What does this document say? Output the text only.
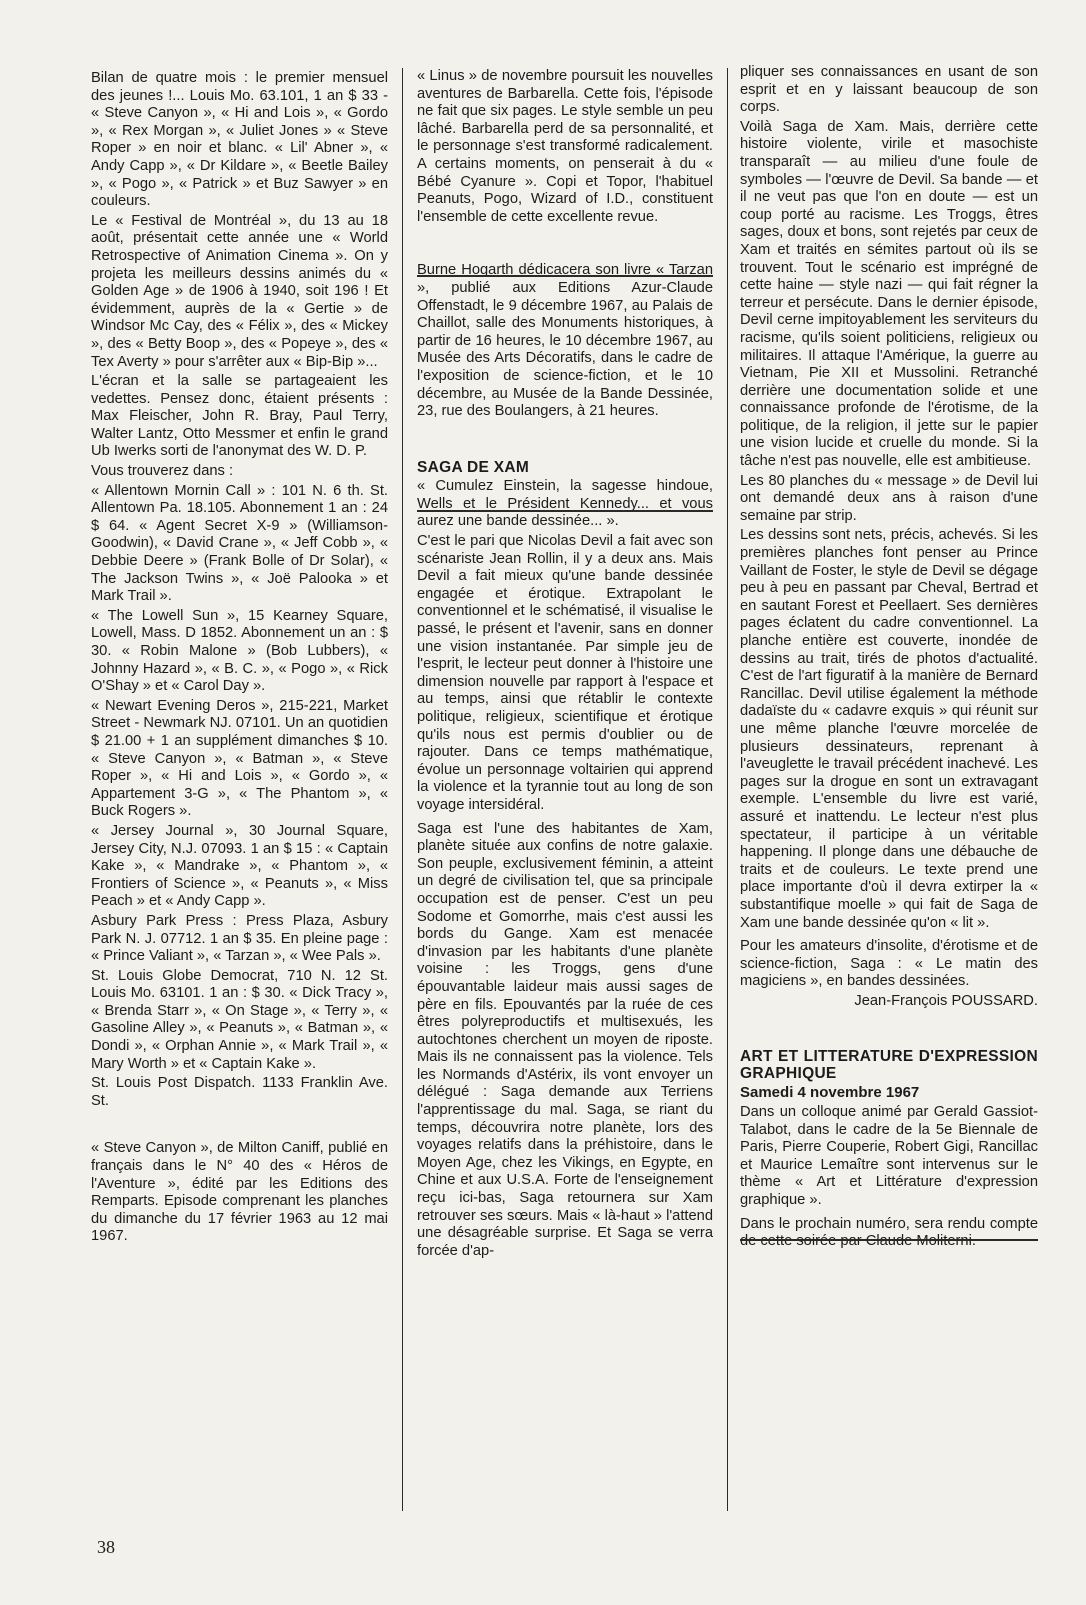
Bilan de quatre mois : le premier mensuel des jeunes !... Louis Mo. 63.101, 1 an $ 33 - « Steve Canyon », « Hi and Lois », « Gordo », « Rex Morgan », « Juliet Jones » « Steve Roper » en noir et blanc. « Lil' Abner », « Andy Capp », « Dr Kildare », « Beetle Bailey », « Pogo », « Patrick » et Buz Sawyer » en couleurs.

Le « Festival de Montréal », du 13 au 18 août, présentait cette année une « World Retrospective of Animation Cinema ». On y projeta les meilleurs dessins animés du « Golden Age » de 1906 à 1940, soit 196 ! Et évidemment, auprès de la « Gertie » de Windsor Mc Cay, des « Félix », des « Mickey », des « Betty Boop », des « Popeye », des « Tex Averty » pour s'arrêter aux « Bip-Bip »...

L'écran et la salle se partageaient les vedettes. Pensez donc, étaient présents : Max Fleischer, John R. Bray, Paul Terry, Walter Lantz, Otto Messmer et enfin le grand Ub Iwerks sorti de l'anonymat des W. D. P.

Vous trouverez dans :

« Allentown Mornin Call » : 101 N. 6 th. St. Allentown Pa. 18.105. Abonnement 1 an : 24 $ 64. « Agent Secret X-9 » (Williamson-Goodwin), « David Crane », « Jeff Cobb », « Debbie Deere » (Frank Bolle of Dr Solar), « The Jackson Twins », « Joë Palooka » et Mark Trail ».

« The Lowell Sun », 15 Kearney Square, Lowell, Mass. D 1852. Abonnement un an : $ 30. « Robin Malone » (Bob Lubbers), « Johnny Hazard », « B. C. », « Pogo », « Rick O'Shay » et « Carol Day ».

« Newart Evening Deros », 215-221, Market Street - Newmark NJ. 07101. Un an quotidien $ 21.00 + 1 an supplément dimanches $ 10. « Steve Canyon », « Batman », « Steve Roper », « Hi and Lois », « Gordo », « Appartement 3-G », « The Phantom », « Buck Rogers ».

« Jersey Journal », 30 Journal Square, Jersey City, N.J. 07093. 1 an $ 15 : « Captain Kake », « Mandrake », « Phantom », « Frontiers of Science », « Peanuts », « Miss Peach » et « Andy Capp ».

Asbury Park Press : Press Plaza, Asbury Park N. J. 07712. 1 an $ 35. En pleine page : « Prince Valiant », « Tarzan », « Wee Pals ».

St. Louis Globe Democrat, 710 N. 12 St. Louis Mo. 63101. 1 an : $ 30. « Dick Tracy », « Brenda Starr », « On Stage », « Terry », « Gasoline Alley », « Peanuts », « Batman », « Dondi », « Orphan Annie », « Mark Trail », « Mary Worth » et « Captain Kake ».

St. Louis Post Dispatch. 1133 Franklin Ave. St.

« Steve Canyon », de Milton Caniff, publié en français dans le N° 40 des « Héros de l'Aventure », édité par les Editions des Remparts. Episode comprenant les planches du dimanche du 17 février 1963 au 12 mai 1967.

« Linus » de novembre poursuit les nouvelles aventures de Barbarella. Cette fois, l'épisode ne fait que six pages. Le style semble un peu lâché. Barbarella perd de sa personnalité, et le personnage s'est transformé radicalement. A certains moments, on penserait à du « Bébé Cyanure ». Copi et Topor, l'habituel Peanuts, Pogo, Wizard of I.D., constituent l'ensemble de cette excellente revue.

Burne Hogarth dédicacera son livre « Tarzan », publié aux Editions Azur-Claude Offenstadt, le 9 décembre 1967, au Palais de Chaillot, salle des Monuments historiques, à partir de 16 heures, le 10 décembre 1967, au Musée des Arts Décoratifs, dans le cadre de l'exposition de science-fiction, et le 10 décembre, au Musée de la Bande Dessinée, 23, rue des Boulangers, à 21 heures.

SAGA DE XAM

« Cumulez Einstein, la sagesse hindoue, Wells et le Président Kennedy... et vous aurez une bande dessinée... ».

C'est le pari que Nicolas Devil a fait avec son scénariste Jean Rollin, il y a deux ans. Mais Devil a fait mieux qu'une bande dessinée engagée et érotique. Extrapolant le conventionnel et le schématisé, il visualise le passé, le présent et l'avenir, sans en donner une vision instantanée. Par simple jeu de l'esprit, le lecteur peut donner à l'histoire une dimension nouvelle par rapport à l'espace et au temps, ainsi que rétablir le contexte politique, religieux, scientifique et érotique qu'ils nous est permis d'oublier ou de rajouter. Dans ce temps mathématique, évolue un personnage voltairien qui apprend la violence et la tyrannie tout au long de son voyage intersidéral.

Saga est l'une des habitantes de Xam, planète située aux confins de notre galaxie. Son peuple, exclusivement féminin, a atteint un degré de civilisation tel, que sa principale occupation est de penser. C'est un peu Sodome et Gomorrhe, mais c'est aussi les bords du Gange. Xam est menacée d'invasion par les habitants d'une planète voisine : les Troggs, gens d'une épouvantable laideur mais aussi sages de père en fils. Epouvantés par la ruée de ces êtres polyreproductifs et multisexués, les autochtones cherchent un moyen de riposte. Mais ils ne connaissent pas la violence. Tels les Normands d'Astérix, ils vont envoyer un délégué : Saga demande aux Terriens l'apprentissage du mal. Saga, se riant du temps, découvrira notre planète, lors des voyages relatifs dans la préhistoire, dans le Moyen Age, chez les Vikings, en Egypte, en Chine et aux U.S.A. Forte de l'enseignement reçu ici-bas, Saga retournera sur Xam retrouver ses sœurs. Mais « là-haut » l'attend une désagréable surprise. Et Saga se verra forcée d'ap-

pliquer ses connaissances en usant de son esprit et en y laissant beaucoup de son corps.

Voilà Saga de Xam. Mais, derrière cette histoire violente, virile et masochiste transparaît — au milieu d'une foule de symboles — l'œuvre de Devil. Sa bande — et il ne veut pas que l'on en doute — est un coup porté au racisme. Les Troggs, êtres sages, doux et bons, sont rejetés par ceux de Xam et traités en sémites partout où ils se trouvent. Tout le scénario est imprégné de cette haine — style nazi — qui fait régner la terreur et persécute. Dans le dernier épisode, Devil cerne impitoyablement les serviteurs du racisme, qu'ils soient politiciens, religieux ou militaires. Il attaque l'Amérique, la guerre au Vietnam, Pie XII et Mussolini. Retranché derrière une documentation solide et une connaissance profonde de l'érotisme, de la politique, de la religion, il jette sur le papier une vision lucide et cruelle du monde. Si la tâche n'est pas nouvelle, elle est ambitieuse.

Les 80 planches du « message » de Devil lui ont demandé deux ans à raison d'une semaine par strip.

Les dessins sont nets, précis, achevés. Si les premières planches font penser au Prince Vaillant de Foster, le style de Devil se dégage peu à peu en passant par Cheval, Bertrad et en sautant Forest et Peellaert. Ses dernières pages éclatent du cadre conventionnel. La planche entière est couverte, inondée de dessins au trait, tirés de photos d'actualité. C'est de l'art figuratif à la manière de Bernard Rancillac. Devil utilise également la méthode dadaïste du « cadavre exquis » qui réunit sur une même planche l'œuvre morcelée de plusieurs dessinateurs, reprenant à l'aveuglette le travail précédent inachevé. Les pages sur la drogue en sont un extravagant exemple. L'ensemble du livre est varié, assuré et inattendu. Le lecteur n'est plus spectateur, il participe à un véritable happening. Il plonge dans une débauche de traits et de couleurs. Le texte prend une place importante d'où il devra extirper la « substantifique moelle » qui fait de Saga de Xam une bande dessinée qu'on « lit ».

Pour les amateurs d'insolite, d'érotisme et de science-fiction, Saga : « Le matin des magiciens », en bandes dessinées.

Jean-François POUSSARD.

ART ET LITTERATURE D'EXPRESSION GRAPHIQUE

Samedi 4 novembre 1967

Dans un colloque animé par Gerald Gassiot-Talabot, dans le cadre de la 5e Biennale de Paris, Pierre Couperie, Robert Gigi, Rancillac et Maurice Lemaître sont intervenus sur le thème « Art et Littérature d'expression graphique ».

Dans le prochain numéro, sera rendu compte de cette soirée par Claude Moliterni.

38
